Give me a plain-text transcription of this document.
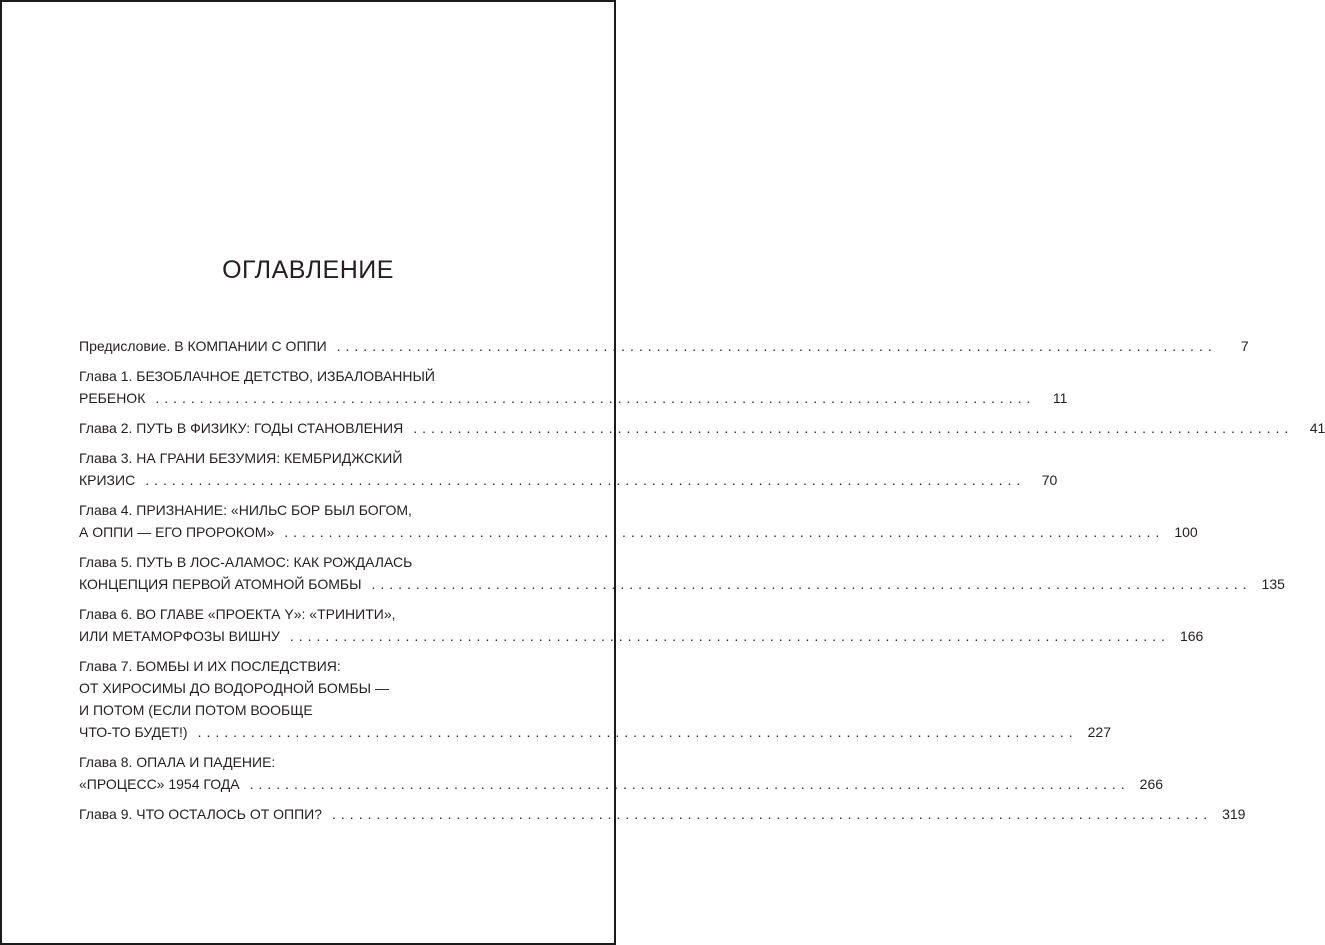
ОГЛАВЛЕНИЕ
Предисловие. В КОМПАНИИ С ОППИ ...................................................................................................	7
Глава 1. БЕЗОБЛАЧНОЕ ДЕТСТВО, ИЗБАЛОВАННЫЙ
РЕБЕНОК ...................................................................................................	11
Глава 2. ПУТЬ В ФИЗИКУ: ГОДЫ СТАНОВЛЕНИЯ ...................................................................................................	41
Глава 3. НА ГРАНИ БЕЗУМИЯ: КЕМБРИДЖСКИЙ
КРИЗИС ...................................................................................................	70
Глава 4. ПРИЗНАНИЕ: «НИЛЬС БОР БЫЛ БОГОМ,
А ОППИ — ЕГО ПРОРОКОМ» ................................................................................................... 100
Глава 5. ПУТЬ В ЛОС-АЛАМОС: КАК РОЖДАЛАСЬ
КОНЦЕПЦИЯ ПЕРВОЙ АТОМНОЙ БОМБЫ ................................................................................................... 135
Глава 6. ВО ГЛАВЕ «ПРОЕКТА Y»: «ТРИНИТИ»,
ИЛИ МЕТАМОРФОЗЫ ВИШНУ ................................................................................................... 166
Глава 7. БОМБЫ И ИХ ПОСЛЕДСТВИЯ:
ОТ ХИРОСИМЫ ДО ВОДОРОДНОЙ БОМБЫ —
И ПОТОМ (ЕСЛИ ПОТОМ ВООБЩЕ
ЧТО-ТО БУДЕТ!) ................................................................................................... 227
Глава 8. ОПАЛА И ПАДЕНИЕ:
«ПРОЦЕСС» 1954 ГОДА ................................................................................................... 266
Глава 9. ЧТО ОСТАЛОСЬ ОТ ОППИ? ................................................................................................... 319
